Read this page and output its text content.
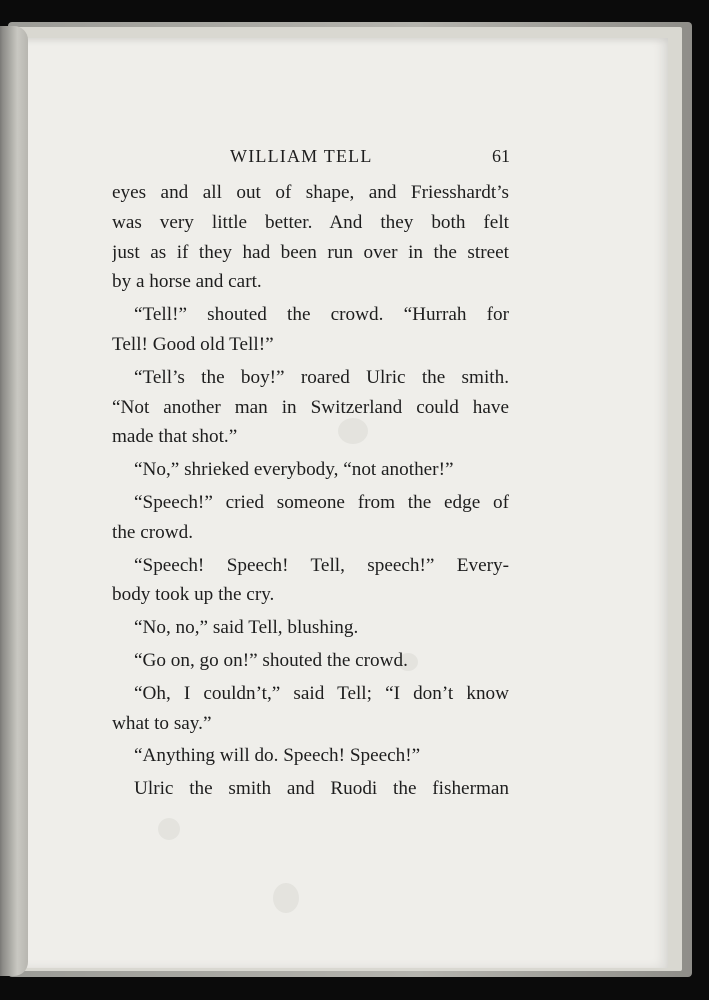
WILLIAM TELL	61
eyes and all out of shape, and Friesshardt’s
was very little better. And they both felt
just as if they had been run over in the street
by a horse and cart.
“Tell!” shouted the crowd. “Hurrah for
Tell! Good old Tell!”
“Tell’s the boy!” roared Ulric the smith.
“Not another man in Switzerland could have
made that shot.”
“No,” shrieked everybody, “not another!”
“Speech!” cried someone from the edge of
the crowd.
“Speech! Speech! Tell, speech!” Every-
body took up the cry.
“No, no,” said Tell, blushing.
“Go on, go on!” shouted the crowd.
“Oh, I couldn’t,” said Tell; “I don’t know
what to say.”
“Anything will do. Speech! Speech!”
Ulric the smith and Ruodi the fisherman
